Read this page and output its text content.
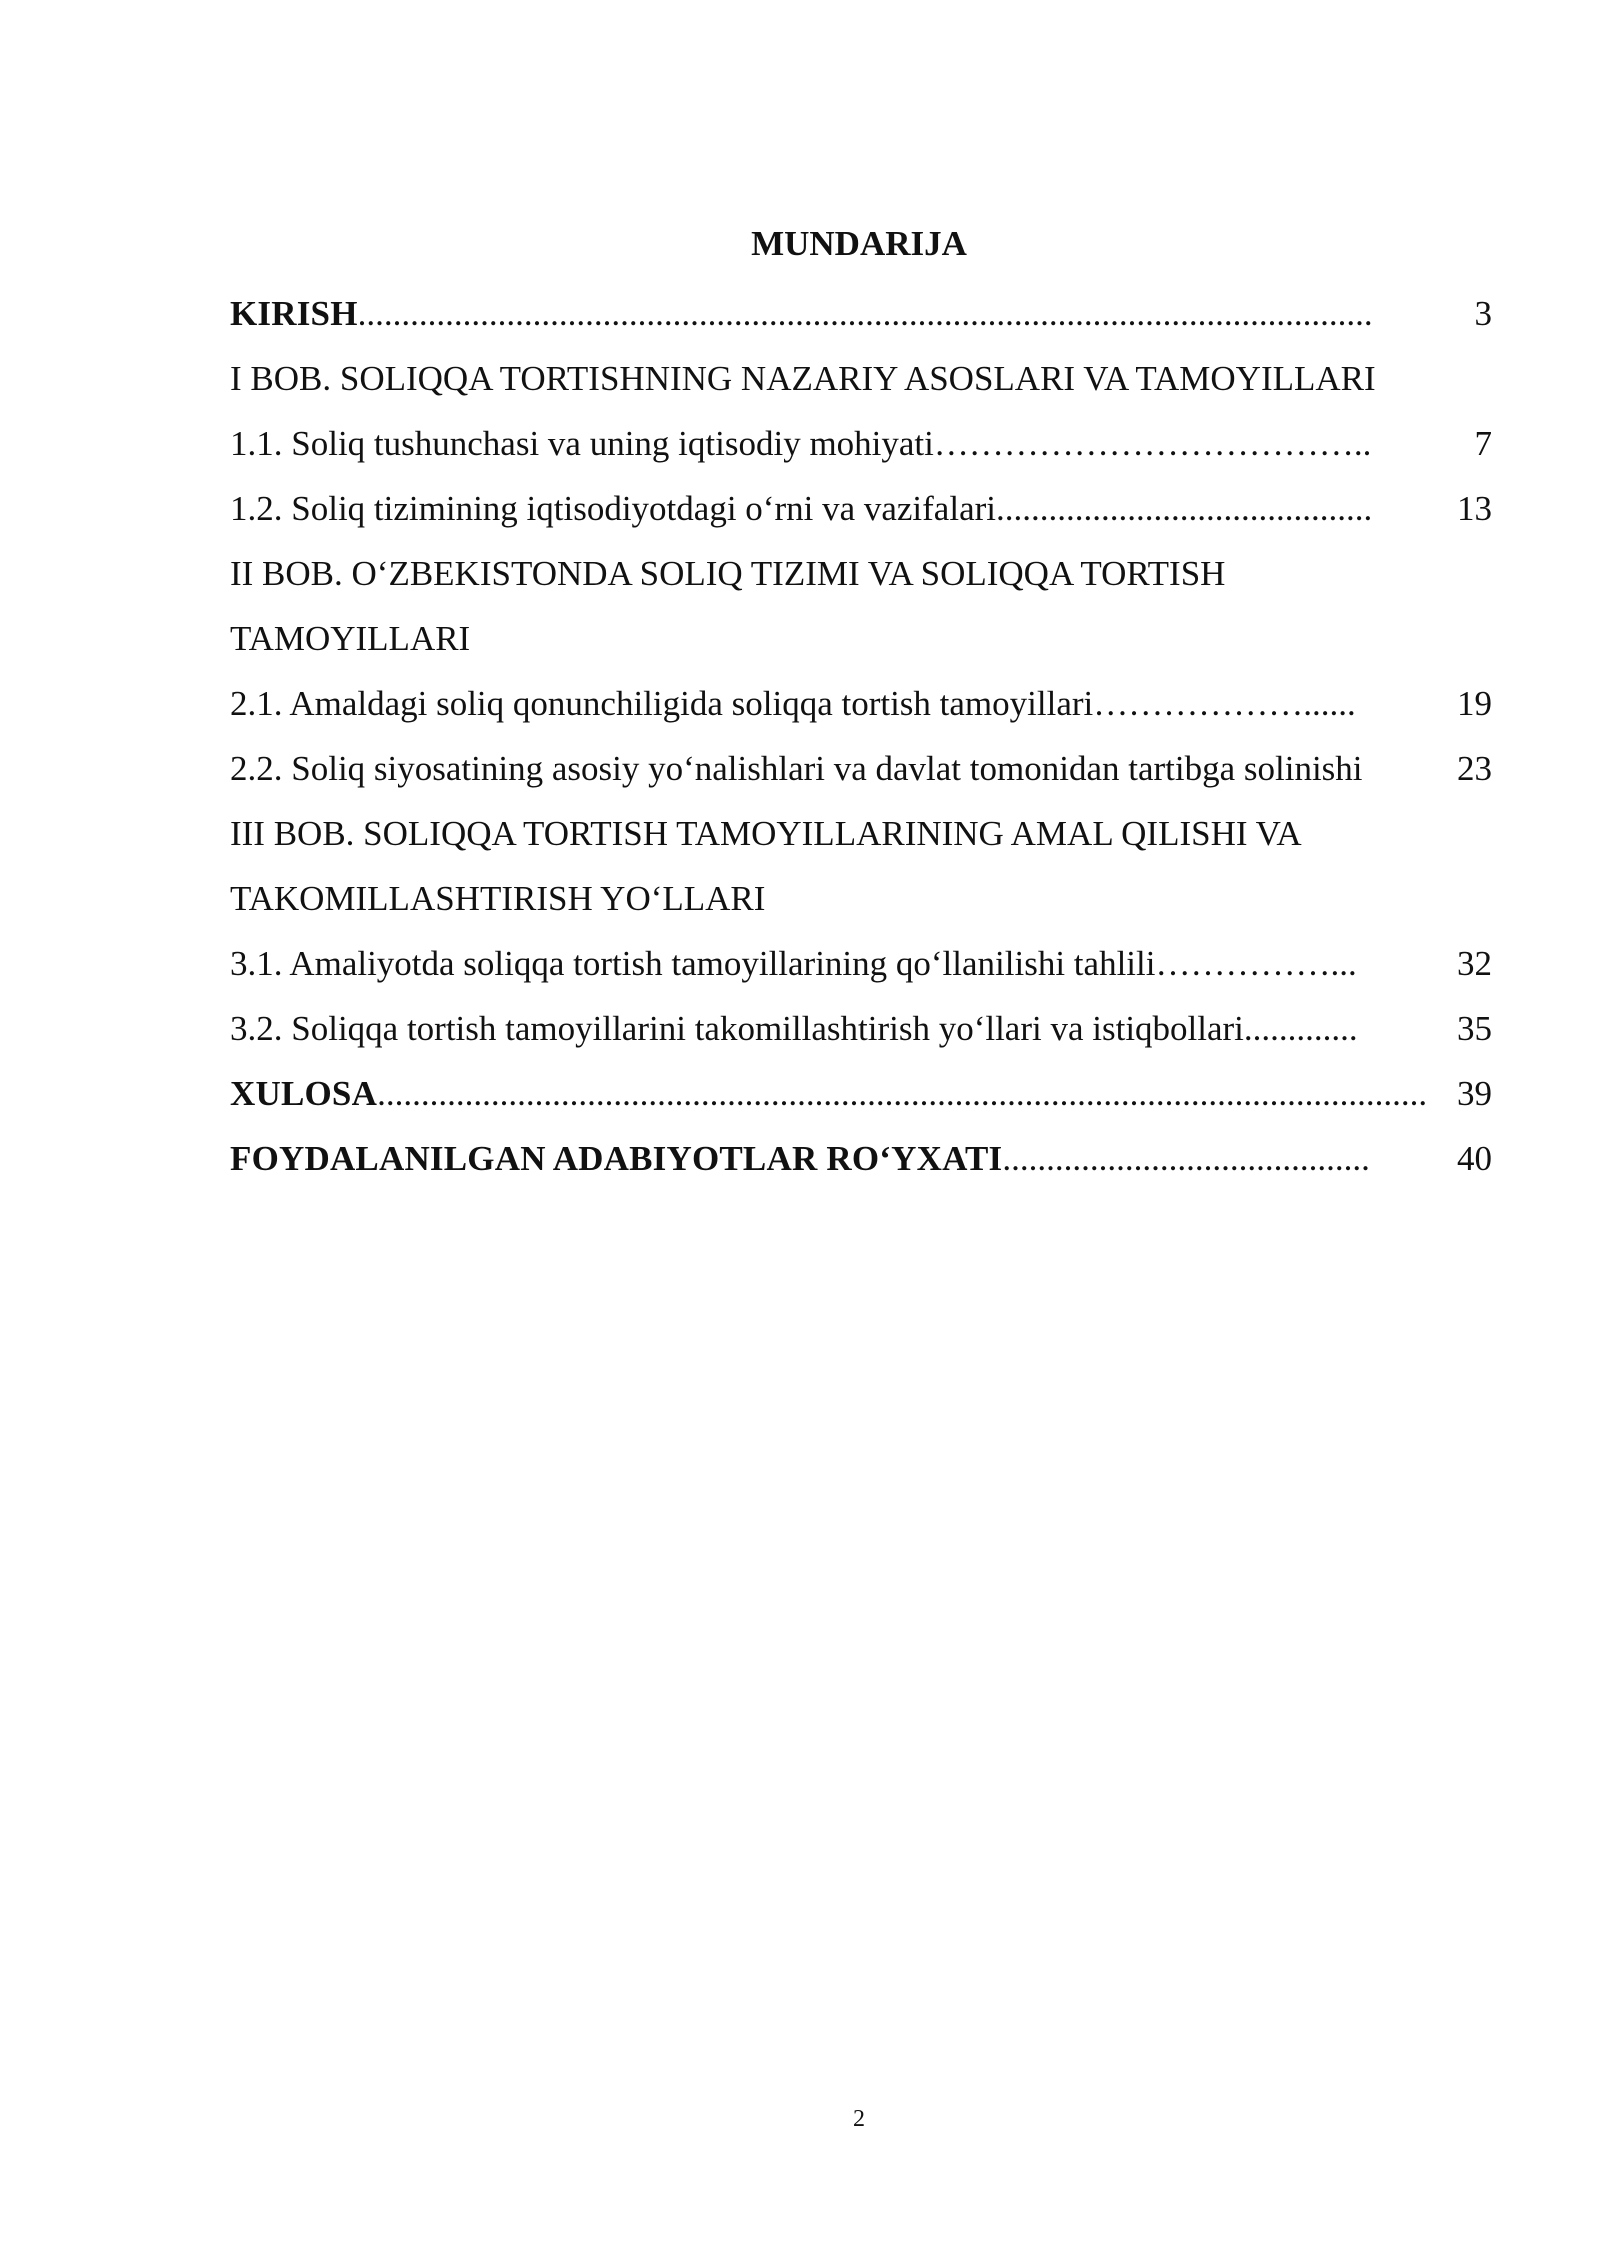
MUNDARIJA
KIRISH ....................................................................................................................	3
I BOB. SOLIQQA TORTISHNING NAZARIY ASOSLARI VA TAMOYILLARI
1.1. Soliq tushunchasi va uning iqtisodiy mohiyati ………………………………..	7
1.2. Soliq tizimining iqtisodiyotdagi o‘rni va vazifalari ...........................................	13
II BOB. O‘ZBEKISTONDA SOLIQ TIZIMI VA SOLIQQA TORTISH
TAMOYILLARI
2.1. Amaldagi soliq qonunchiligida soliqqa tortish tamoyillari ………………......	19
2.2. Soliq siyosatining asosiy yo‘nalishlari va davlat tomonidan tartibga solinishi	23
III BOB. SOLIQQA TORTISH TAMOYILLARINING AMAL QILISHI VA
TAKOMILLASHTIRISH YO‘LLARI
3.1. Amaliyotda soliqqa tortish tamoyillarining qo‘llanilishi tahlili ……………...	32
3.2. Soliqqa tortish tamoyillarini takomillashtirish yo‘llari va istiqbollari .............	35
XULOSA ........................................................................................................................ 39
FOYDALANILGAN ADABIYOTLAR RO‘YXATI ..........................................	40
2
